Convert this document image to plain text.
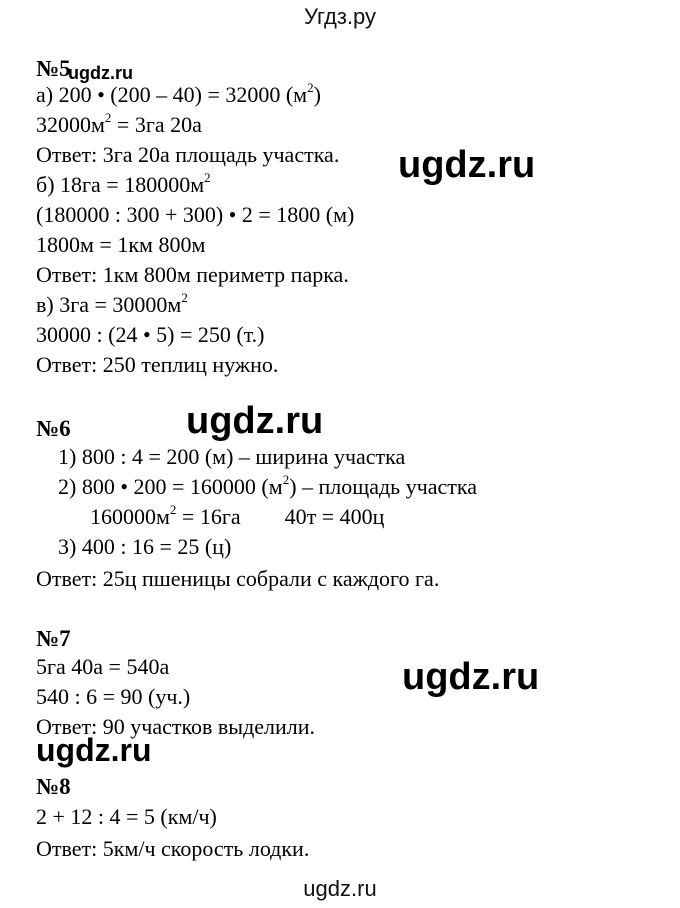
Угдз.ру
№5
ugdz.ru
а) 200 • (200 – 40) = 32000 $(м^2)$
$32000м^2 = 3га$ 20а
Ответ: 3га 20а площадь участка. ugdz.ru
б) $18га = 180000м^2$
(180000 : 300 + 300) • 2 = 1800 (м)
1800м = 1км 800м
Ответ: 1км 800м периметр парка.
в) $3га = 30000м^2$
30000 : (24 • 5) = 250 (т.)
Ответ: 250 теплиц нужно.
№6	ugdz.ru
1) 800 : 4 = 200 (м) – ширина участка
2) 800 • 200 = 160000 $(м^2)$ – площадь участка
$160000м^2 = 16га$ 40т = 400ц
3) 400 : 16 = 25 (ц)
Ответ: 25ц пшеницы собрали с каждого га.
№7
5га 40а = 540а	ugdz.ru
540 : 6 = 90 (уч.)
Ответ: 90 участков выделили.
ugdz.ru
№8
2 + 12 : 4 = 5 (км/ч)
Ответ: 5км/ч скорость лодки.
ugdz.ru
